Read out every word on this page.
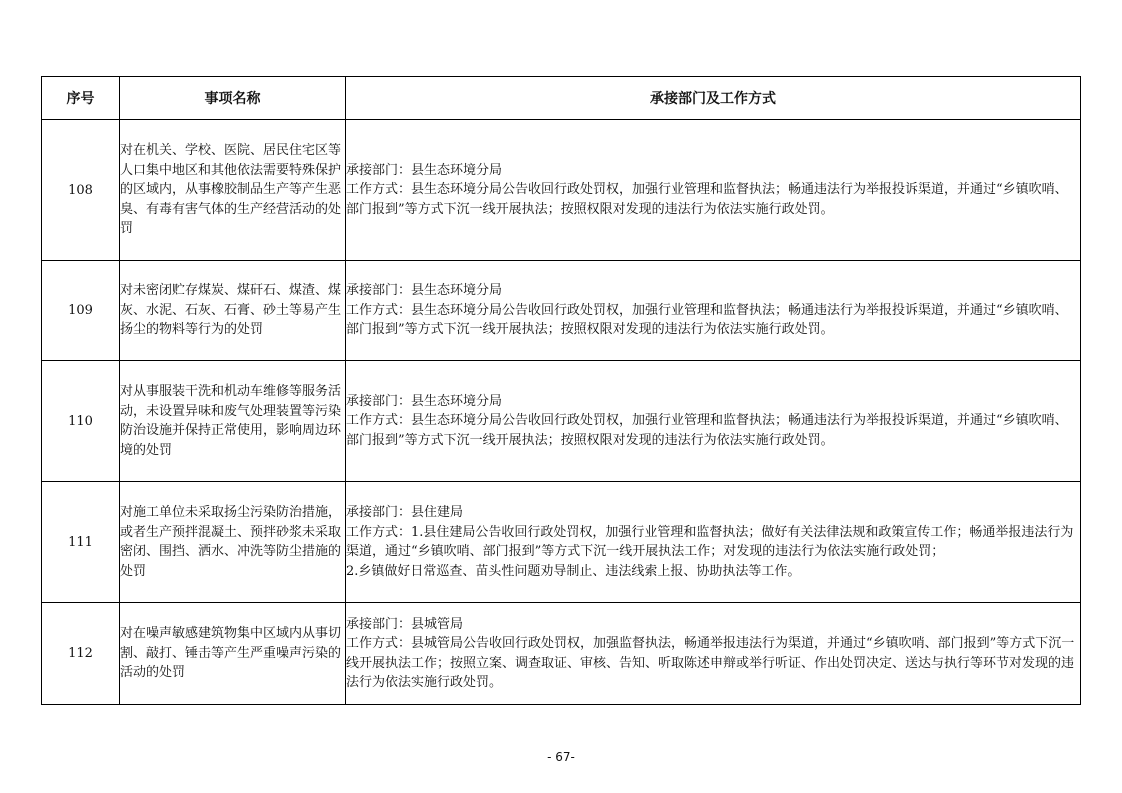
序号	事项名称	承接部门及工作方式
108	对在机关、学校、医院、居民住宅区等人口集中地区和其他依法需要特殊保护的区域内，从事橡胶制品生产等产生恶臭、有毒有害气体的生产经营活动的处罚	承接部门：县生态环境分局
工作方式：县生态环境分局公告收回行政处罚权，加强行业管理和监督执法；畅通违法行为举报投诉渠道，并通过“乡镇吹哨、部门报到”等方式下沉一线开展执法；按照权限对发现的违法行为依法实施行政处罚。

109	对未密闭贮存煤炭、煤矸石、煤渣、煤灰、水泥、石灰、石膏、砂土等易产生扬尘的物料等行为的处罚	承接部门：县生态环境分局
工作方式：县生态环境分局公告收回行政处罚权，加强行业管理和监督执法；畅通违法行为举报投诉渠道，并通过“乡镇吹哨、部门报到”等方式下沉一线开展执法；按照权限对发现的违法行为依法实施行政处罚。

110	对从事服装干洗和机动车维修等服务活动，未设置异味和废气处理装置等污染防治设施并保持正常使用，影响周边环境的处罚	承接部门：县生态环境分局
工作方式：县生态环境分局公告收回行政处罚权，加强行业管理和监督执法；畅通违法行为举报投诉渠道，并通过“乡镇吹哨、部门报到”等方式下沉一线开展执法；按照权限对发现的违法行为依法实施行政处罚。

111	对施工单位未采取扬尘污染防治措施，或者生产预拌混凝土、预拌砂浆未采取密闭、围挡、洒水、冲洗等防尘措施的处罚	承接部门：县住建局
工作方式：1.县住建局公告收回行政处罚权，加强行业管理和监督执法；做好有关法律法规和政策宣传工作；畅通举报违法行为渠道，通过“乡镇吹哨、部门报到”等方式下沉一线开展执法工作；对发现的违法行为依法实施行政处罚；
2.乡镇做好日常巡查、苗头性问题劝导制止、违法线索上报、协助执法等工作。

112	对在噪声敏感建筑物集中区域内从事切割、敲打、锤击等产生严重噪声污染的活动的处罚	承接部门：县城管局
工作方式：县城管局公告收回行政处罚权，加强监督执法，畅通举报违法行为渠道，并通过“乡镇吹哨、部门报到”等方式下沉一线开展执法工作；按照立案、调查取证、审核、告知、听取陈述申辩或举行听证、作出处罚决定、送达与执行等环节对发现的违法行为依法实施行政处罚。
- 67-
